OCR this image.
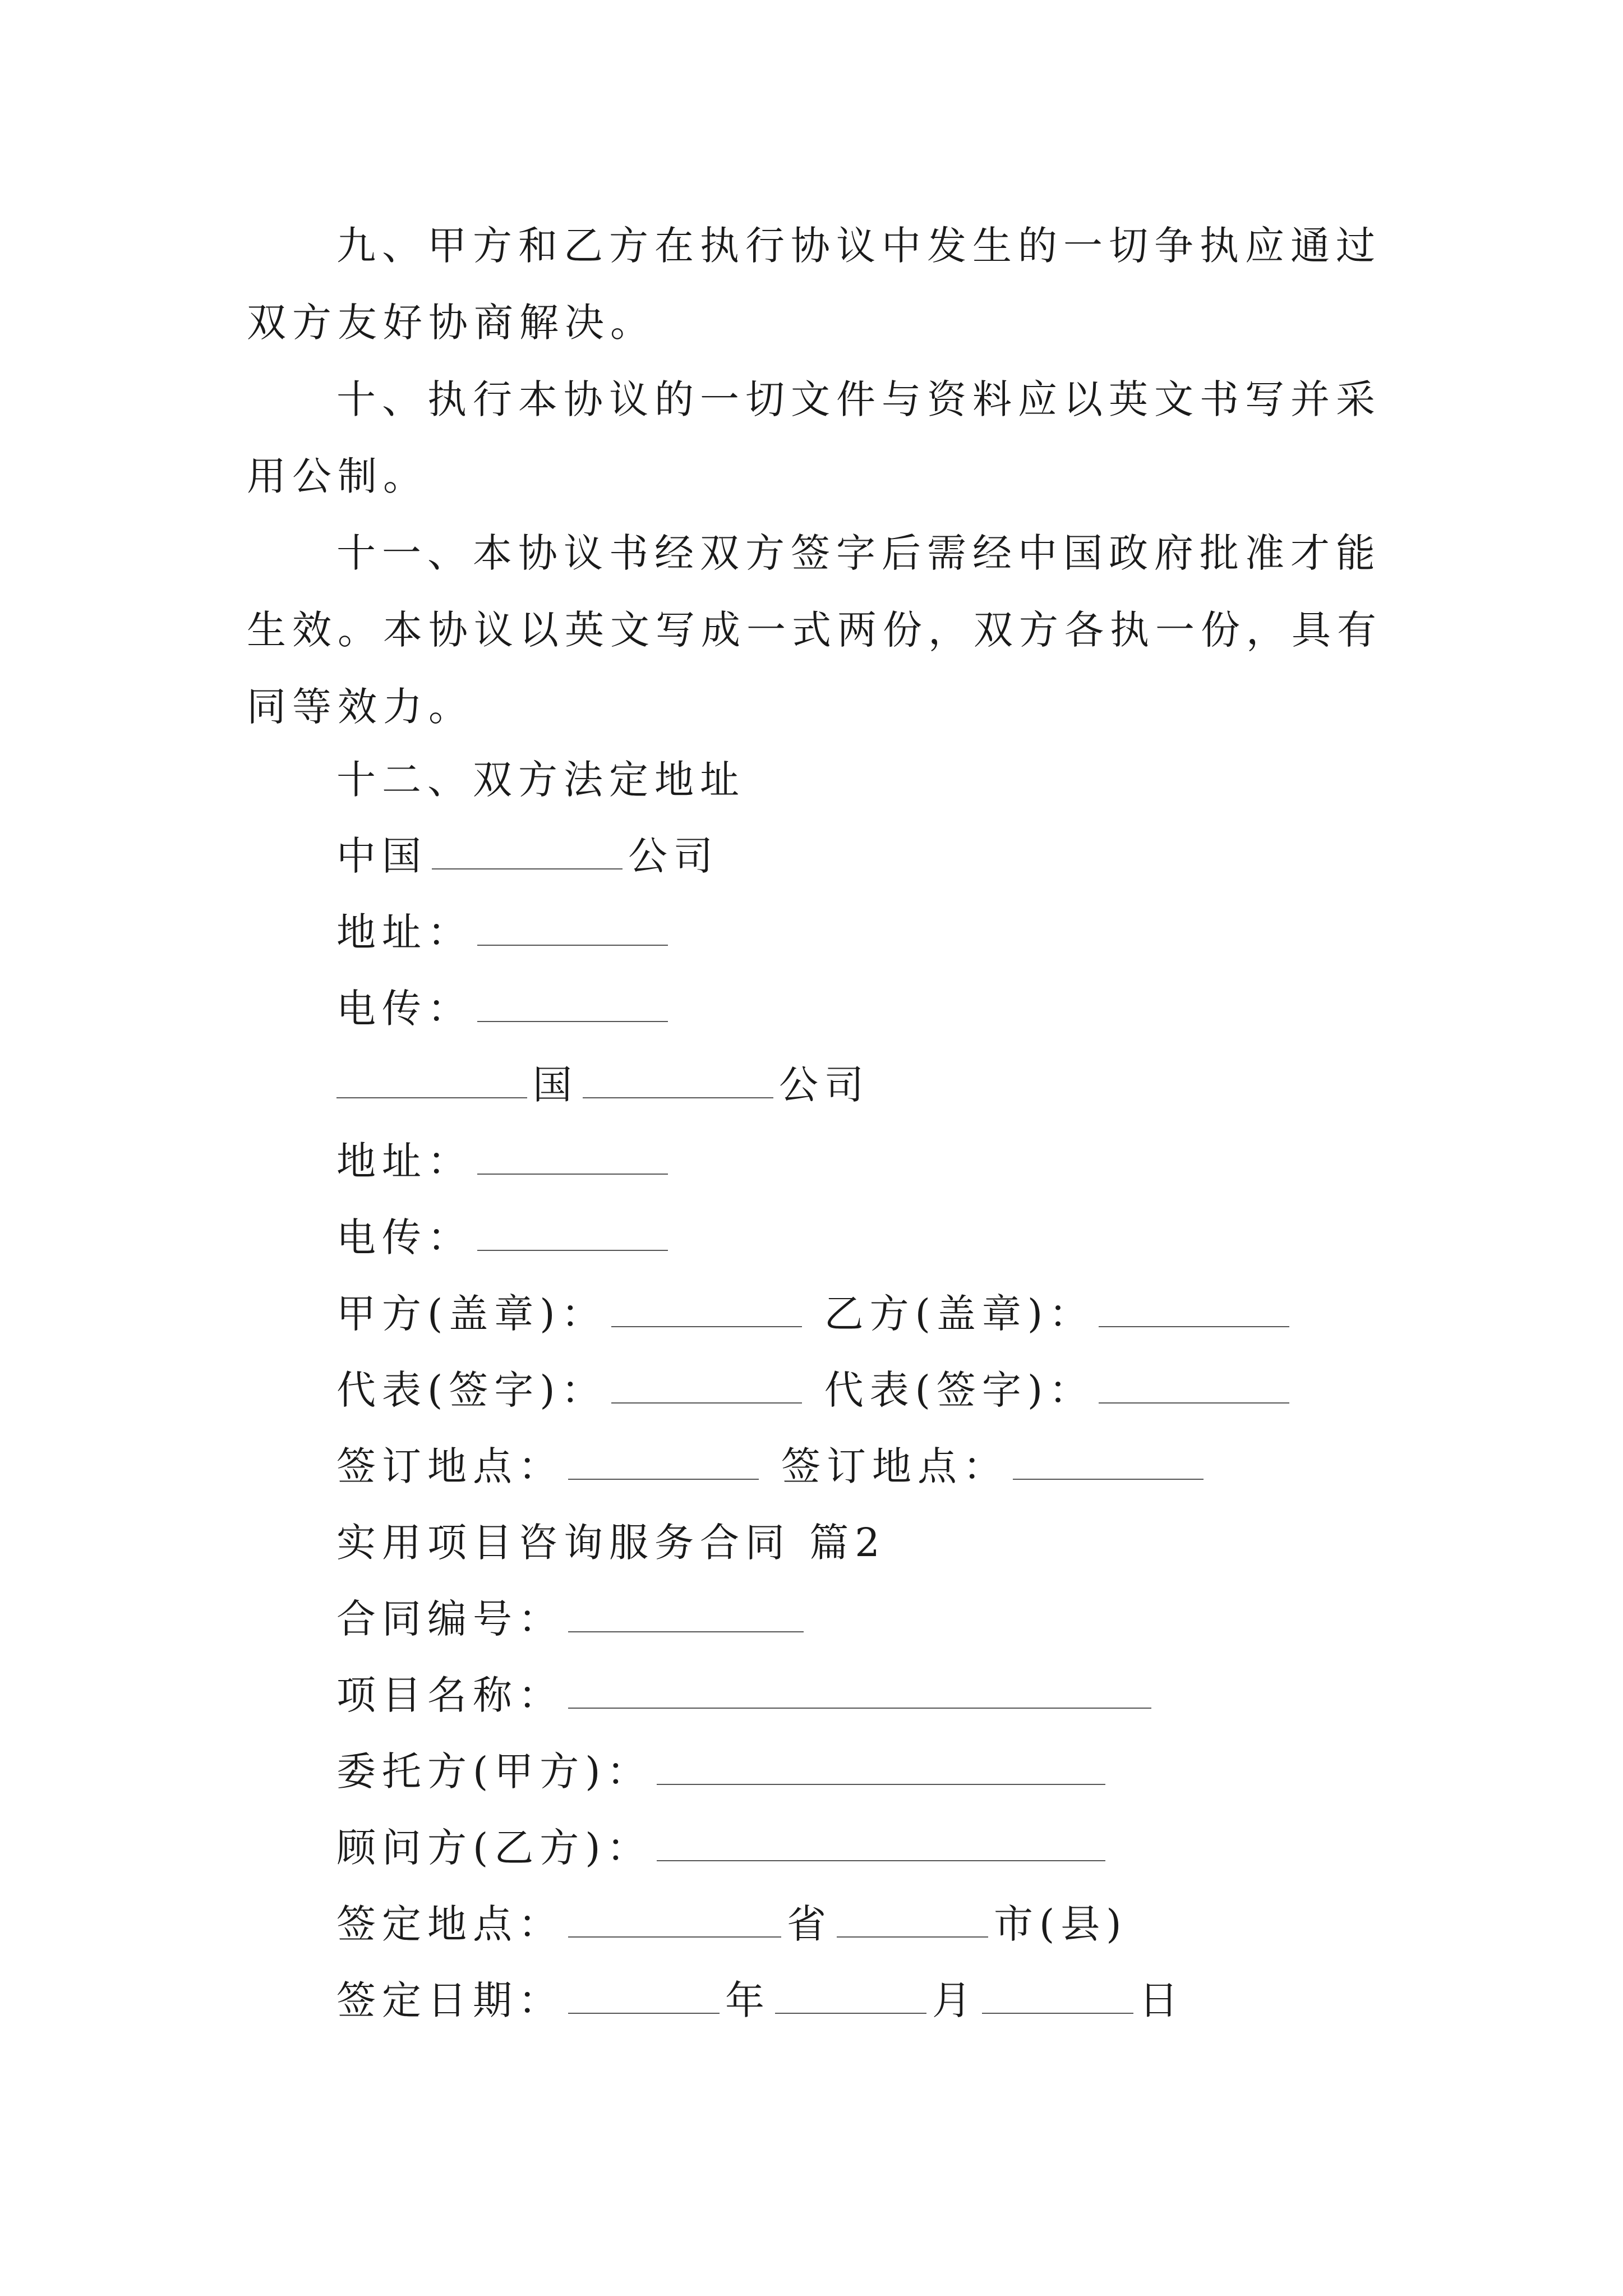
九、甲方和乙方在执行协议中发生的一切争执应通过双方友好协商解决。

十、执行本协议的一切文件与资料应以英文书写并采用公制。

十一、本协议书经双方签字后需经中国政府批准才能生效。本协议以英文写成一式两份，双方各执一份，具有同等效力。

十二、双方法定地址
中国	公司
地址：
电传：
国	公司
地址：
电传：
甲方(盖章)：	乙方(盖章)：
代表(签字)：	代表(签字)：
签订地点：	签订地点：
实用项目咨询服务合同 篇2
合同编号：
项目名称：
委托方(甲方)：
顾问方(乙方)：
签定地点：	省	市(县)
签定日期：	年	月	日
